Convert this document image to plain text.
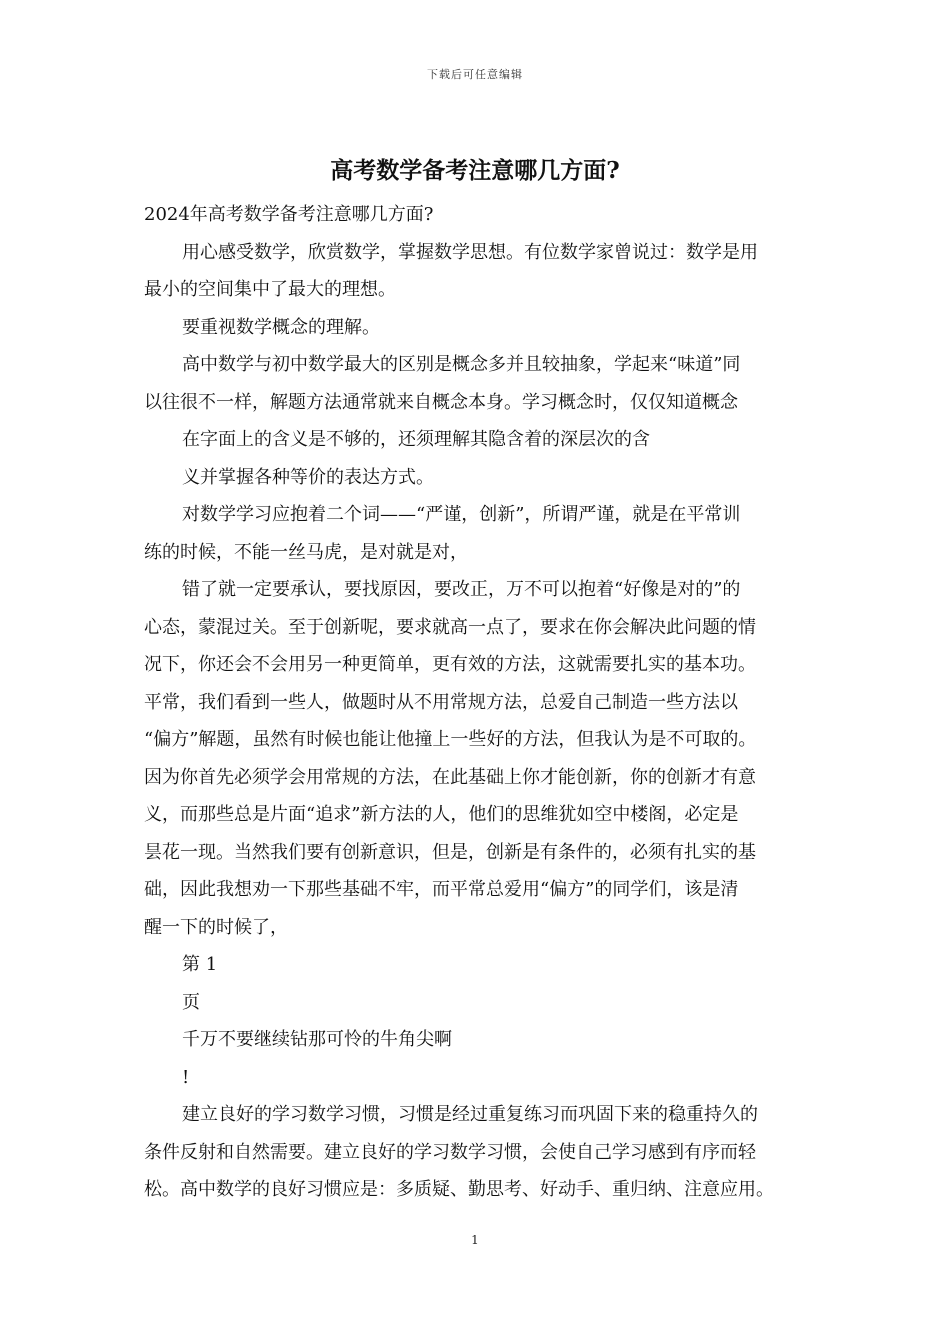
下载后可任意编辑
高考数学备考注意哪几方面?
2024年高考数学备考注意哪几方面?
用心感受数学，欣赏数学，掌握数学思想。有位数学家曾说过：数学是用
最小的空间集中了最大的理想。
要重视数学概念的理解。
高中数学与初中数学最大的区别是概念多并且较抽象，学起来“味道”同
以往很不一样，解题方法通常就来自概念本身。学习概念时，仅仅知道概念
在字面上的含义是不够的，还须理解其隐含着的深层次的含
义并掌握各种等价的表达方式。
对数学学习应抱着二个词——“严谨，创新”，所谓严谨，就是在平常训
练的时候，不能一丝马虎，是对就是对，
错了就一定要承认，要找原因，要改正，万不可以抱着“好像是对的”的
心态，蒙混过关。至于创新呢，要求就高一点了，要求在你会解决此问题的情
况下，你还会不会用另一种更简单，更有效的方法，这就需要扎实的基本功。
平常，我们看到一些人，做题时从不用常规方法，总爱自己制造一些方法以
“偏方”解题，虽然有时候也能让他撞上一些好的方法，但我认为是不可取的。
因为你首先必须学会用常规的方法，在此基础上你才能创新，你的创新才有意
义，而那些总是片面“追求”新方法的人，他们的思维犹如空中楼阁，必定是
昙花一现。当然我们要有创新意识，但是，创新是有条件的，必须有扎实的基
础，因此我想劝一下那些基础不牢，而平常总爱用“偏方”的同学们，该是清
醒一下的时候了，
第 1
页
千万不要继续钻那可怜的牛角尖啊
!
建立良好的学习数学习惯，习惯是经过重复练习而巩固下来的稳重持久的
条件反射和自然需要。建立良好的学习数学习惯，会使自己学习感到有序而轻
松。高中数学的良好习惯应是：多质疑、勤思考、好动手、重归纳、注意应用。
1
